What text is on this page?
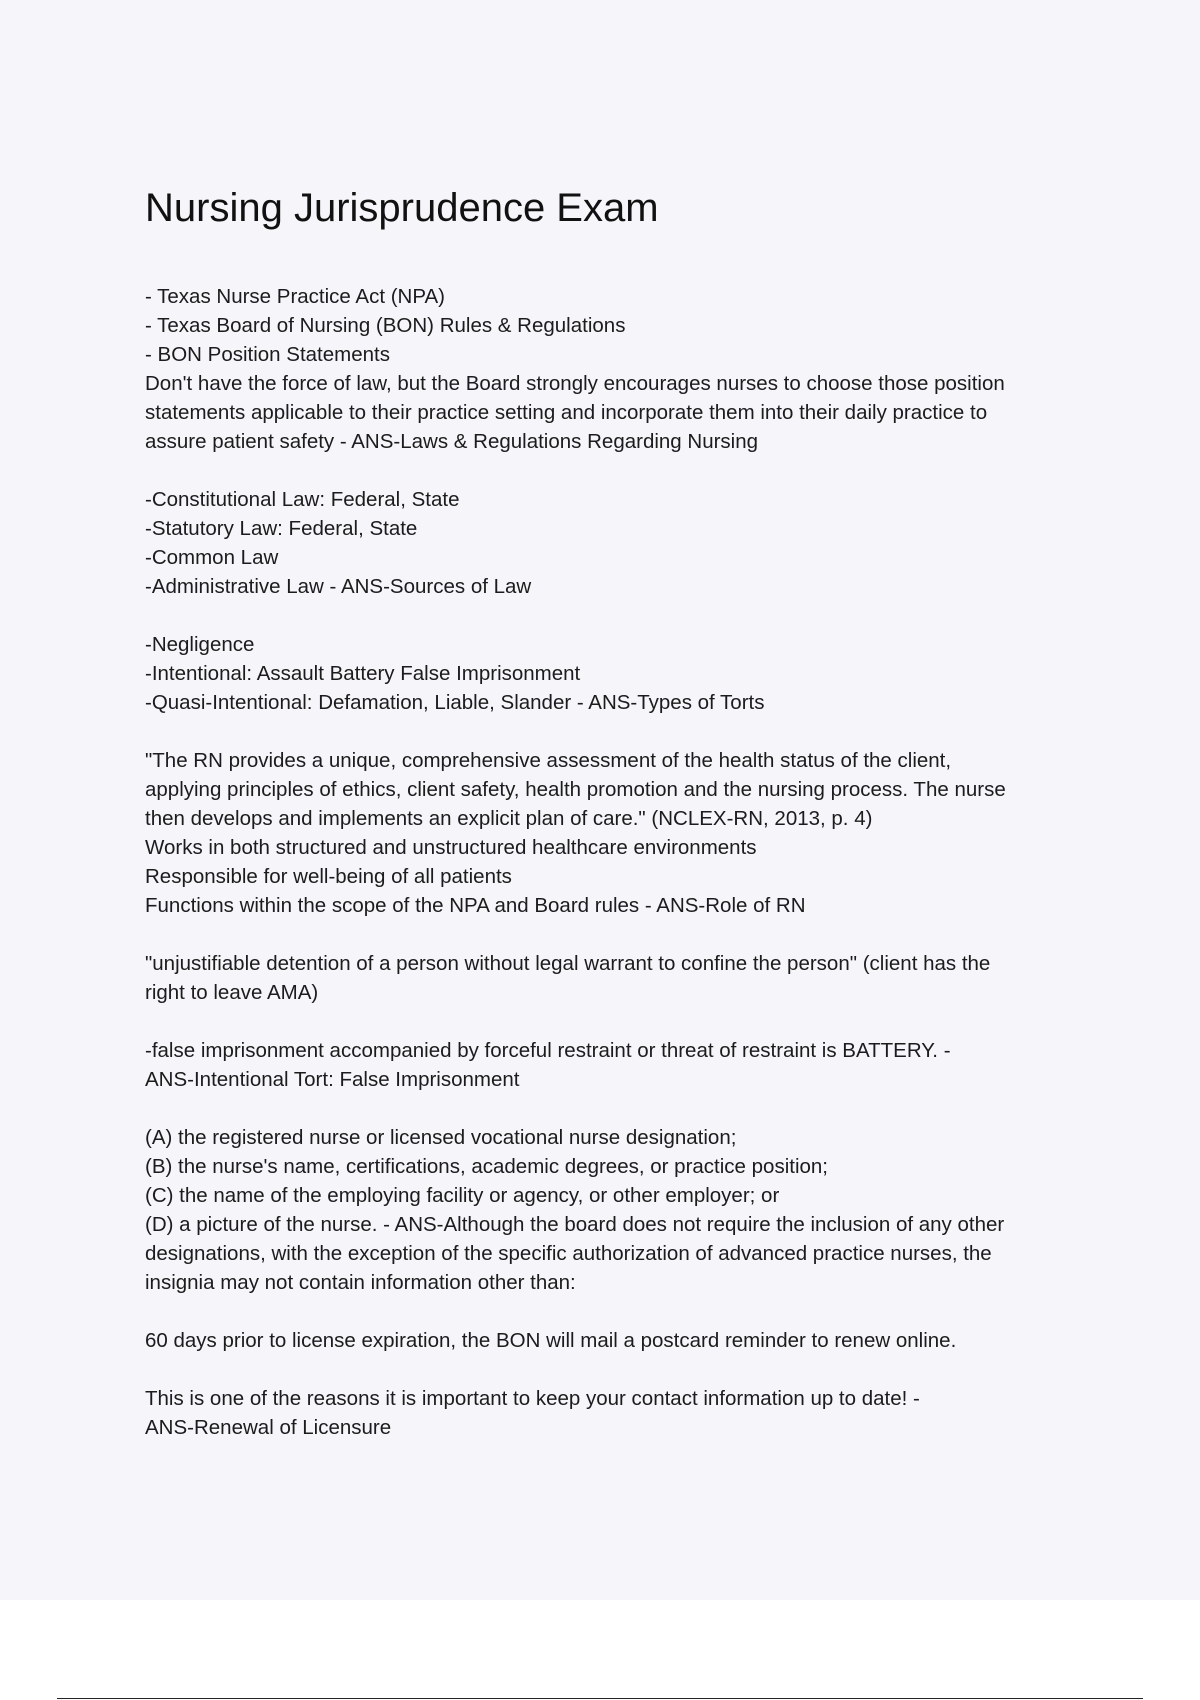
Nursing Jurisprudence Exam
- Texas Nurse Practice Act (NPA)
- Texas Board of Nursing (BON) Rules & Regulations
- BON Position Statements
Don't have the force of law, but the Board strongly encourages nurses to choose those position
statements applicable to their practice setting and incorporate them into their daily practice to
assure patient safety - ANS-Laws & Regulations Regarding Nursing
-Constitutional Law: Federal, State
-Statutory Law: Federal, State
-Common Law
-Administrative Law - ANS-Sources of Law
-Negligence
-Intentional: Assault Battery False Imprisonment
-Quasi-Intentional: Defamation, Liable, Slander - ANS-Types of Torts
"The RN provides a unique, comprehensive assessment of the health status of the client,
applying principles of ethics, client safety, health promotion and the nursing process. The nurse
then develops and implements an explicit plan of care." (NCLEX-RN, 2013, p. 4)
Works in both structured and unstructured healthcare environments
Responsible for well-being of all patients
Functions within the scope of the NPA and Board rules - ANS-Role of RN
"unjustifiable detention of a person without legal warrant to confine the person" (client has the
right to leave AMA)
-false imprisonment accompanied by forceful restraint or threat of restraint is BATTERY. -
ANS-Intentional Tort: False Imprisonment
(A) the registered nurse or licensed vocational nurse designation;
(B) the nurse's name, certifications, academic degrees, or practice position;
(C) the name of the employing facility or agency, or other employer; or
(D) a picture of the nurse. - ANS-Although the board does not require the inclusion of any other
designations, with the exception of the specific authorization of advanced practice nurses, the
insignia may not contain information other than:
60 days prior to license expiration, the BON will mail a postcard reminder to renew online.
This is one of the reasons it is important to keep your contact information up to date! -
ANS-Renewal of Licensure
